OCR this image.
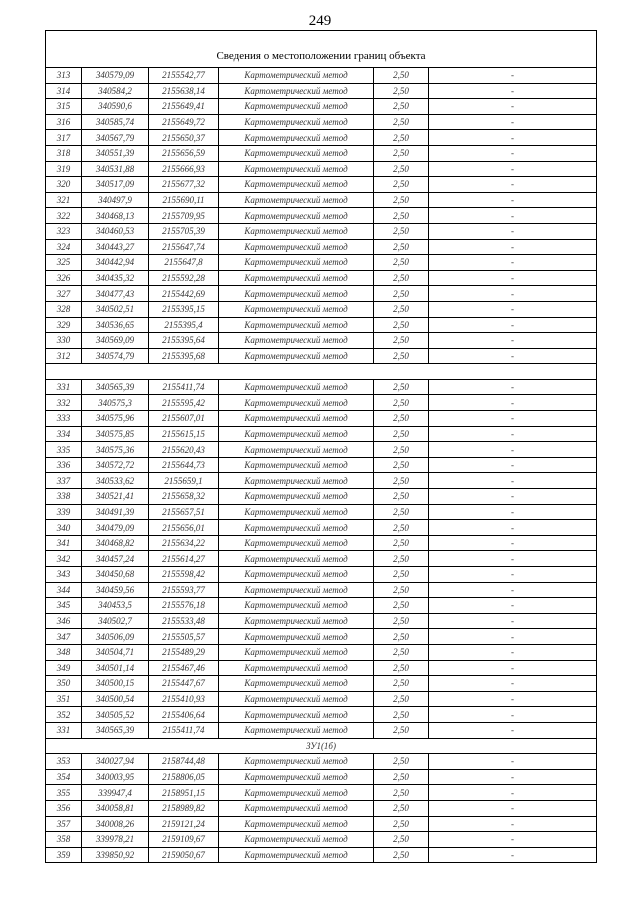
249
Сведения о местоположении границ объекта					
313	340579,09	2155542,77	Картометрический метод	2,50	-
314	340584,2	2155638,14	Картометрический метод	2,50	-
315	340590,6	2155649,41	Картометрический метод	2,50	-
316	340585,74	2155649,72	Картометрический метод	2,50	-
317	340567,79	2155650,37	Картометрический метод	2,50	-
318	340551,39	2155656,59	Картометрический метод	2,50	-
319	340531,88	2155666,93	Картометрический метод	2,50	-
320	340517,09	2155677,32	Картометрический метод	2,50	-
321	340497,9	2155690,11	Картометрический метод	2,50	-
322	340468,13	2155709,95	Картометрический метод	2,50	-
323	340460,53	2155705,39	Картометрический метод	2,50	-
324	340443,27	2155647,74	Картометрический метод	2,50	-
325	340442,94	2155647,8	Картометрический метод	2,50	-
326	340435,32	2155592,28	Картометрический метод	2,50	-
327	340477,43	2155442,69	Картометрический метод	2,50	-
328	340502,51	2155395,15	Картометрический метод	2,50	-
329	340536,65	2155395,4	Картометрический метод	2,50	-
330	340569,09	2155395,64	Картометрический метод	2,50	-
312	340574,79	2155395,68	Картометрический метод	2,50	-

331	340565,39	2155411,74	Картометрический метод	2,50	-
332	340575,3	2155595,42	Картометрический метод	2,50	-
333	340575,96	2155607,01	Картометрический метод	2,50	-
334	340575,85	2155615,15	Картометрический метод	2,50	-
335	340575,36	2155620,43	Картометрический метод	2,50	-
336	340572,72	2155644,73	Картометрический метод	2,50	-
337	340533,62	2155659,1	Картометрический метод	2,50	-
338	340521,41	2155658,32	Картометрический метод	2,50	-
339	340491,39	2155657,51	Картометрический метод	2,50	-
340	340479,09	2155656,01	Картометрический метод	2,50	-
341	340468,82	2155634,22	Картометрический метод	2,50	-
342	340457,24	2155614,27	Картометрический метод	2,50	-
343	340450,68	2155598,42	Картометрический метод	2,50	-
344	340459,56	2155593,77	Картометрический метод	2,50	-
345	340453,5	2155576,18	Картометрический метод	2,50	-
346	340502,7	2155533,48	Картометрический метод	2,50	-
347	340506,09	2155505,57	Картометрический метод	2,50	-
348	340504,71	2155489,29	Картометрический метод	2,50	-
349	340501,14	2155467,46	Картометрический метод	2,50	-
350	340500,15	2155447,67	Картометрический метод	2,50	-
351	340500,54	2155410,93	Картометрический метод	2,50	-
352	340505,52	2155406,64	Картометрический метод	2,50	-
331	340565,39	2155411,74	Картометрический метод	2,50	-
ЗУ1(1б)					
353	340027,94	2158744,48	Картометрический метод	2,50	-
354	340003,95	2158806,05	Картометрический метод	2,50	-
355	339947,4	2158951,15	Картометрический метод	2,50	-
356	340058,81	2158989,82	Картометрический метод	2,50	-
357	340008,26	2159121,24	Картометрический метод	2,50	-
358	339978,21	2159109,67	Картометрический метод	2,50	-
359	339850,92	2159050,67	Картометрический метод	2,50	-
